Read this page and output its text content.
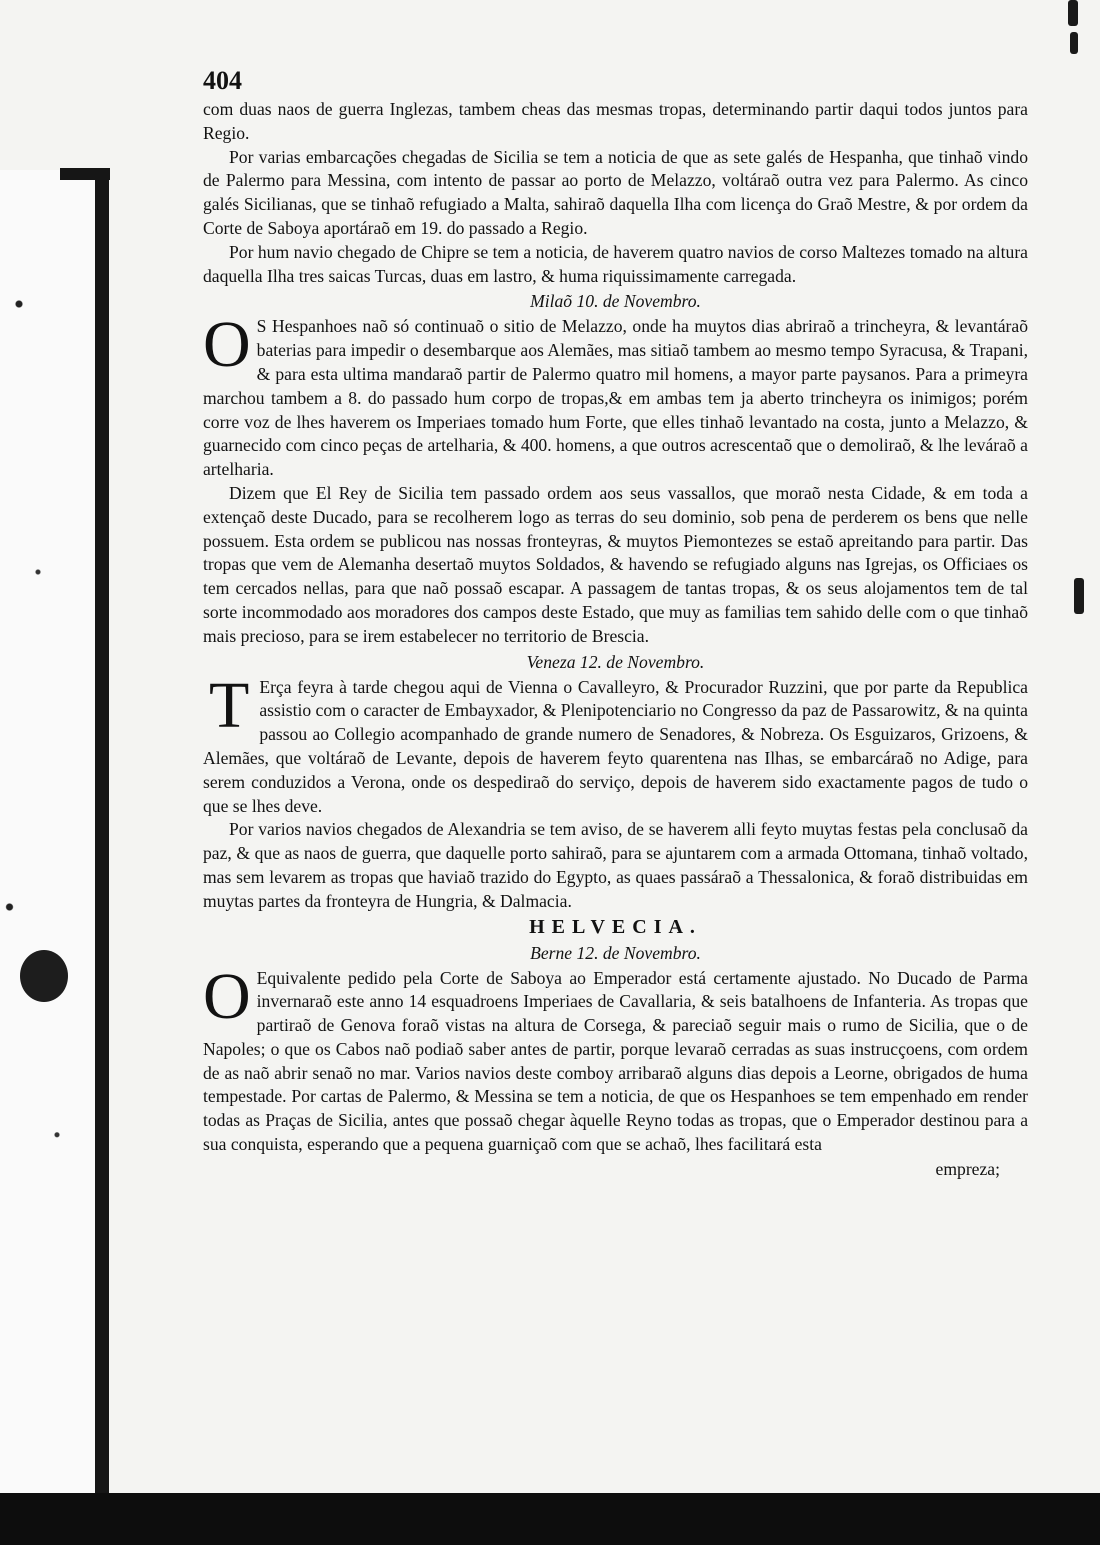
404

com duas naos de guerra Inglezas, tambem cheas das mesmas tropas, determinando partir daqui todos juntos para Regio.

Por varias embarcações chegadas de Sicilia se tem a noticia de que as sete galés de Hespanha, que tinhaõ vindo de Palermo para Messina, com intento de passar ao porto de Melazzo, voltáraõ outra vez para Palermo. As cinco galés Sicilianas, que se tinhaõ refugiado a Malta, sahiraõ daquella Ilha com licença do Graõ Mestre, & por ordem da Corte de Saboya aportáraõ em 19. do passado a Regio.

Por hum navio chegado de Chipre se tem a noticia, de haverem quatro navios de corso Maltezes tomado na altura daquella Ilha tres saicas Turcas, duas em lastro, & huma riquissimamente carregada.

Milaõ 10. de Novembro.

O S Hespanhoes naõ só continuaõ o sitio de Melazzo, onde ha muytos dias abriraõ a trincheyra, & levantáraõ baterias para impedir o desembarque aos Alemães, mas sitiaõ tambem ao mesmo tempo Syracusa, & Trapani, & para esta ultima mandaraõ partir de Palermo quatro mil homens, a mayor parte paysanos. Para a primeyra marchou tambem a 8. do passado hum corpo de tropas,& em ambas tem ja aberto trincheyra os inimigos; porém corre voz de lhes haverem os Imperiaes tomado hum Forte, que elles tinhaõ levantado na costa, junto a Melazzo, & guarnecido com cinco peças de artelharia, & 400. homens, a que outros acrescentaõ que o demoliraõ, & lhe leváraõ a artelharia.

Dizem que El Rey de Sicilia tem passado ordem aos seus vassallos, que moraõ nesta Cidade, & em toda a extençaõ deste Ducado, para se recolherem logo as terras do seu dominio, sob pena de perderem os bens que nelle possuem. Esta ordem se publicou nas nossas fronteyras, & muytos Piemontezes se estaõ apreitando para partir. Das tropas que vem de Alemanha desertaõ muytos Soldados, & havendo se refugiado alguns nas Igrejas, os Officiaes os tem cercados nellas, para que naõ possaõ escapar. A passagem de tantas tropas, & os seus alojamentos tem de tal sorte incommodado aos moradores dos campos deste Estado, que muy as familias tem sahido delle com o que tinhaõ mais precioso, para se irem estabelecer no territorio de Brescia.

Veneza 12. de Novembro.

T Erça feyra à tarde chegou aqui de Vienna o Cavalleyro, & Procurador Ruzzini, que por parte da Republica assistio com o caracter de Embayxador, & Plenipotenciario no Congresso da paz de Passarowitz, & na quinta passou ao Collegio acompanhado de grande numero de Senadores, & Nobreza. Os Esguizaros, Grizoens, & Alemães, que voltáraõ de Levante, depois de haverem feyto quarentena nas Ilhas, se embarcáraõ no Adige, para serem conduzidos a Verona, onde os despediraõ do serviço, depois de haverem sido exactamente pagos de tudo o que se lhes deve.

Por varios navios chegados de Alexandria se tem aviso, de se haverem alli feyto muytas festas pela conclusaõ da paz, & que as naos de guerra, que daquelle porto sahiraõ, para se ajuntarem com a armada Ottomana, tinhaõ voltado, mas sem levarem as tropas que haviaõ trazido do Egypto, as quaes passáraõ a Thessalonica, & foraõ distribuidas em muytas partes da fronteyra de Hungria, & Dalmacia.

HELVECIA.
Berne 12. de Novembro.

O Equivalente pedido pela Corte de Saboya ao Emperador está certamente ajustado. No Ducado de Parma invernaraõ este anno 14 esquadroens Imperiaes de Cavallaria, & seis batalhoens de Infanteria. As tropas que partiraõ de Genova foraõ vistas na altura de Corsega, & pareciaõ seguir mais o rumo de Sicilia, que o de Napoles; o que os Cabos naõ podiaõ saber antes de partir, porque levaraõ cerradas as suas instrucçoens, com ordem de as naõ abrir senaõ no mar. Varios navios deste comboy arribaraõ alguns dias depois a Leorne, obrigados de huma tempestade. Por cartas de Palermo, & Messina se tem a noticia, de que os Hespanhoes se tem empenhado em render todas as Praças de Sicilia, antes que possaõ chegar àquelle Reyno todas as tropas, que o Emperador destinou para a sua conquista, esperando que a pequena guarniçaõ com que se achaõ, lhes facilitará esta

empreza;
